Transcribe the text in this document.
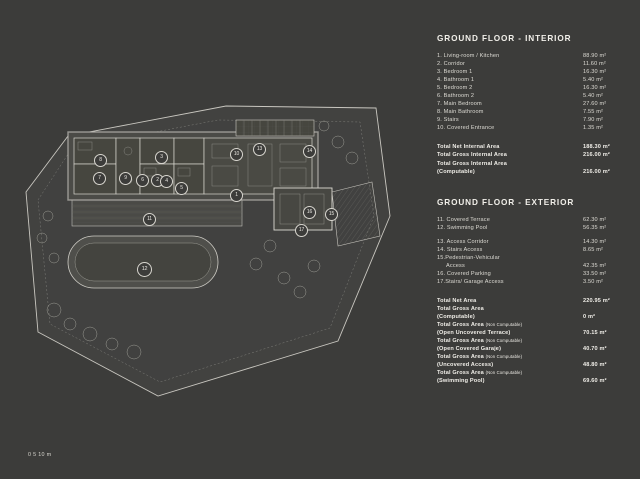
1
2
3
4
5
6
7
8
9
10
11
12
13	14
15
16
17
0 5 10 m
GROUND FLOOR - INTERIOR
1. Living-room / Kitchen	88.90 m²
2. Corridor	11.60 m²
3. Bedroom 1	16.30 m²
4. Bathroom 1	5.40 m²
5. Bedroom 2	16.30 m²
6. Bathroom 2	5.40 m²
7. Main Bedroom	27.60 m²
8. Main Bathroom	7.55 m²
9. Stairs	7.90 m²
10. Covered Entrance	1.35 m²
Total Net Internal Area	188.30 m²
Total Gross Internal Area	216.00 m²
Total Gross Internal Area
(Computable)	216.00 m²
GROUND FLOOR - EXTERIOR
11. Covered Terrace	62.30 m²
12. Swimming Pool	56.35 m²
13. Access Corridor	14.30 m²
14. Stairs Access	8.65 m²
15.Pedestrian-Vehicular
Access	42.35 m²
16. Covered Parking	33.50 m²
17.Stairs/ Garage Access	3.50 m²
Total Net Area	220.95 m²
Total Gross Area
(Computable)	0 m²
Total Gross Area (Non Computable)
(Open Uncovered Terrace)	70.15 m²
Total Gross Area (Non Computable)
(Open Covered Garaje)	40.70 m²
Total Gross Area (Non Computable)
(Uncovered Access)	48.80 m²
Total Gross Area (Non Computable)
(Swimming Pool)	69.60 m²
